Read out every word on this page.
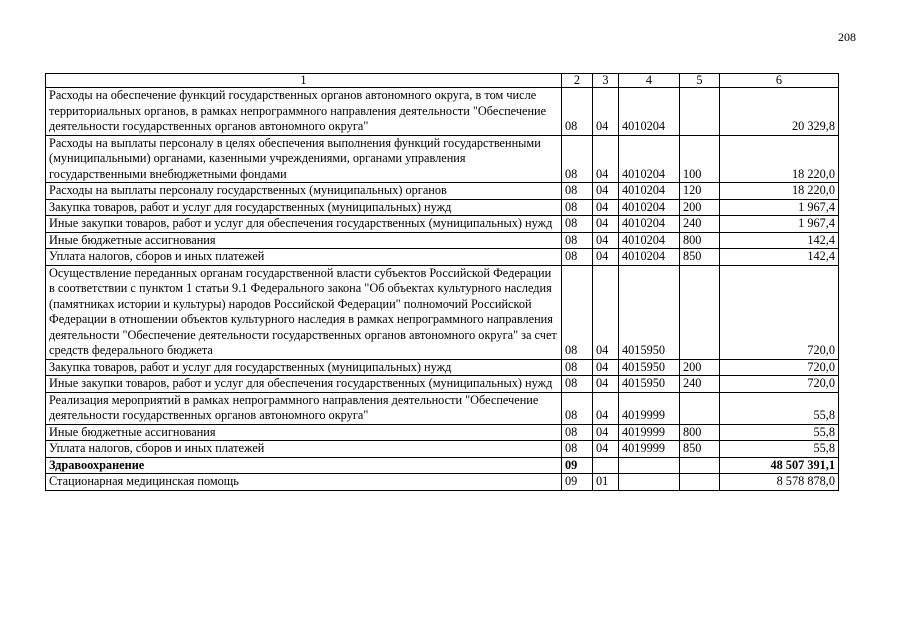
208
1	2	3	4	5	6
Расходы на обеспечение функций государственных органов автономного округа, в том числе территориальных органов, в рамках непрограммного направления деятельности "Обеспечение деятельности государственных органов автономного округа"	08	04	4010204		20 329,8
Расходы на выплаты персоналу в целях обеспечения выполнения функций государственными (муниципальными) органами, казенными учреждениями, органами управления государственными внебюджетными фондами	08	04	4010204	100	18 220,0
Расходы на выплаты персоналу государственных (муниципальных) органов	08	04	4010204	120	18 220,0
Закупка товаров, работ и услуг для государственных (муниципальных) нужд	08	04	4010204	200	1 967,4
Иные закупки товаров, работ и услуг для обеспечения государственных (муниципальных) нужд	08	04	4010204	240	1 967,4
Иные бюджетные ассигнования	08	04	4010204	800	142,4
Уплата налогов, сборов и иных платежей	08	04	4010204	850	142,4
Осуществление переданных органам государственной власти субъектов Российской Федерации в соответствии с пунктом 1 статьи 9.1 Федерального закона "Об объектах культурного наследия (памятниках истории и культуры) народов Российской Федерации" полномочий Российской Федерации в отношении объектов культурного наследия в рамках непрограммного направления деятельности "Обеспечение деятельности государственных органов автономного округа" за счет средств федерального бюджета	08	04	4015950		720,0
Закупка товаров, работ и услуг для государственных (муниципальных) нужд	08	04	4015950	200	720,0
Иные закупки товаров, работ и услуг для обеспечения государственных (муниципальных) нужд	08	04	4015950	240	720,0
Реализация мероприятий в рамках непрограммного направления деятельности "Обеспечение деятельности государственных органов автономного округа"	08	04	4019999		55,8
Иные бюджетные ассигнования	08	04	4019999	800	55,8
Уплата налогов, сборов и иных платежей	08	04	4019999	850	55,8
Здравоохранение	09				48 507 391,1
Стационарная медицинская помощь	09	01			8 578 878,0
